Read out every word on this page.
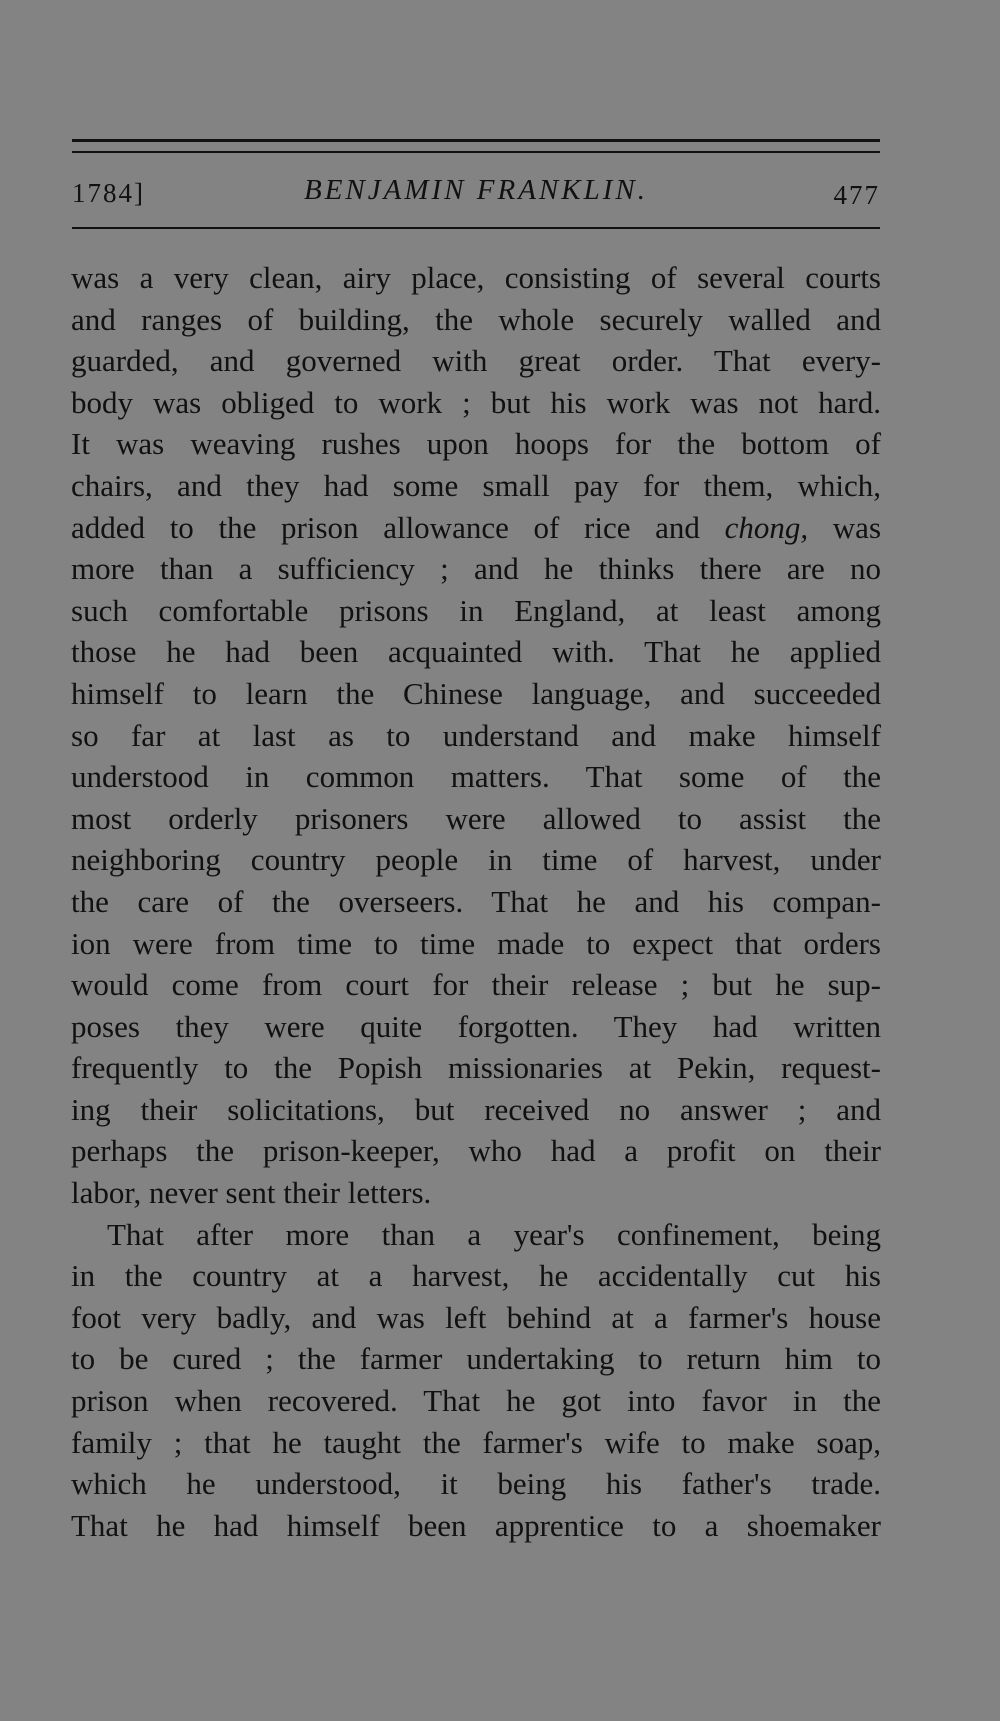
1784]	BENJAMIN FRANKLIN.	477
was a very clean, airy place, consisting of several courts
and ranges of building, the whole securely walled and
guarded, and governed with great order. That every-
body was obliged to work ; but his work was not hard.
It was weaving rushes upon hoops for the bottom of
chairs, and they had some small pay for them, which,
added to the prison allowance of rice and chong, was
more than a sufficiency ; and he thinks there are no
such comfortable prisons in England, at least among
those he had been acquainted with. That he applied
himself to learn the Chinese language, and succeeded
so far at last as to understand and make himself
understood in common matters. That some of the
most orderly prisoners were allowed to assist the
neighboring country people in time of harvest, under
the care of the overseers. That he and his compan-
ion were from time to time made to expect that orders
would come from court for their release ; but he sup-
poses they were quite forgotten. They had written
frequently to the Popish missionaries at Pekin, request-
ing their solicitations, but received no answer ; and
perhaps the prison-keeper, who had a profit on their
labor, never sent their letters.
That after more than a year's confinement, being
in the country at a harvest, he accidentally cut his
foot very badly, and was left behind at a farmer's house
to be cured ; the farmer undertaking to return him to
prison when recovered. That he got into favor in the
family ; that he taught the farmer's wife to make soap,
which he understood, it being his father's trade.
That he had himself been apprentice to a shoemaker
